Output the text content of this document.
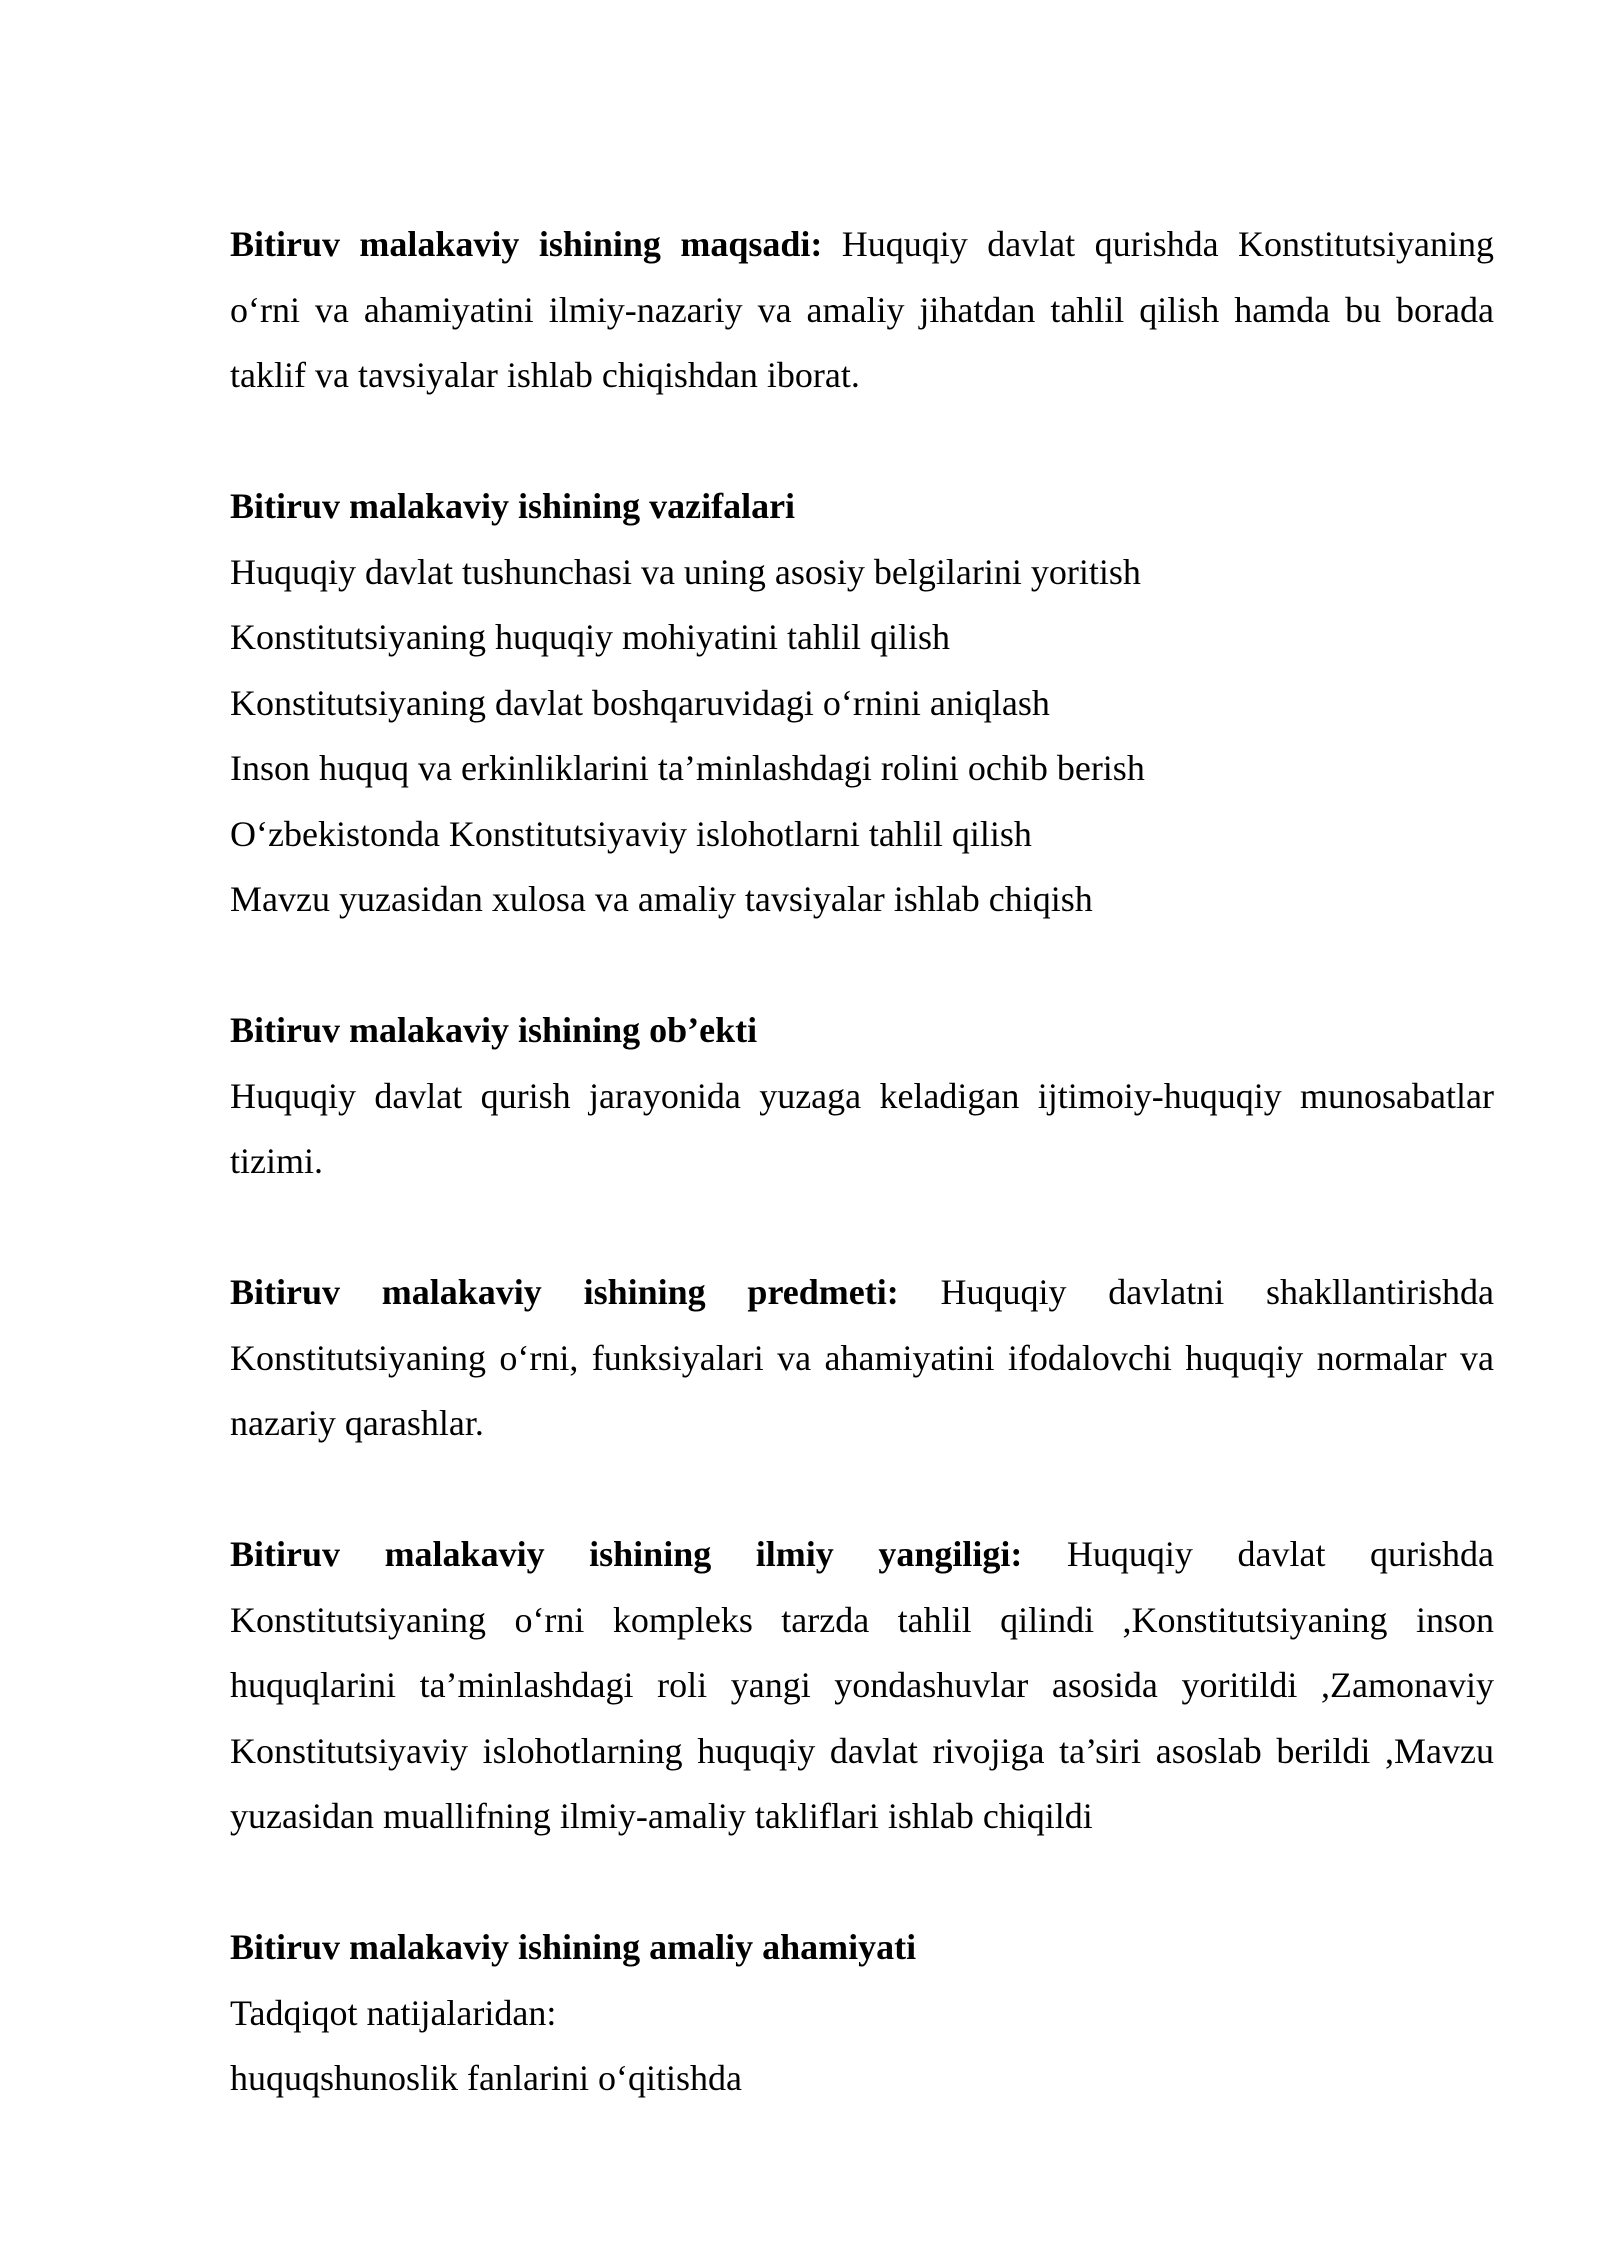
Bitiruv malakaviy ishining maqsadi: Huquqiy davlat qurishda Konstitutsiyaning o‘rni va ahamiyatini ilmiy-nazariy va amaliy jihatdan tahlil qilish hamda bu borada taklif va tavsiyalar ishlab chiqishdan iborat.

Bitiruv malakaviy ishining vazifalari

Huquqiy davlat tushunchasi va uning asosiy belgilarini yoritish
Konstitutsiyaning huquqiy mohiyatini tahlil qilish
Konstitutsiyaning davlat boshqaruvidagi o‘rnini aniqlash
Inson huquq va erkinliklarini ta’minlashdagi rolini ochib berish
O‘zbekistonda Konstitutsiyaviy islohotlarni tahlil qilish
Mavzu yuzasidan xulosa va amaliy tavsiyalar ishlab chiqish

Bitiruv malakaviy ishining ob’ekti

Huquqiy davlat qurish jarayonida yuzaga keladigan ijtimoiy-huquqiy munosabatlar tizimi.

Bitiruv malakaviy ishining predmeti: Huquqiy davlatni shakllantirishda Konstitutsiyaning o‘rni, funksiyalari va ahamiyatini ifodalovchi huquqiy normalar va nazariy qarashlar.

Bitiruv malakaviy ishining ilmiy yangiligi: Huquqiy davlat qurishda Konstitutsiyaning o‘rni kompleks tarzda tahlil qilindi ,Konstitutsiyaning inson huquqlarini ta’minlashdagi roli yangi yondashuvlar asosida yoritildi ,Zamonaviy Konstitutsiyaviy islohotlarning huquqiy davlat rivojiga ta’siri asoslab berildi ,Mavzu yuzasidan muallifning ilmiy-amaliy takliflari ishlab chiqildi

Bitiruv malakaviy ishining amaliy ahamiyati

Tadqiqot natijalaridan:
huquqshunoslik fanlarini o‘qitishda
